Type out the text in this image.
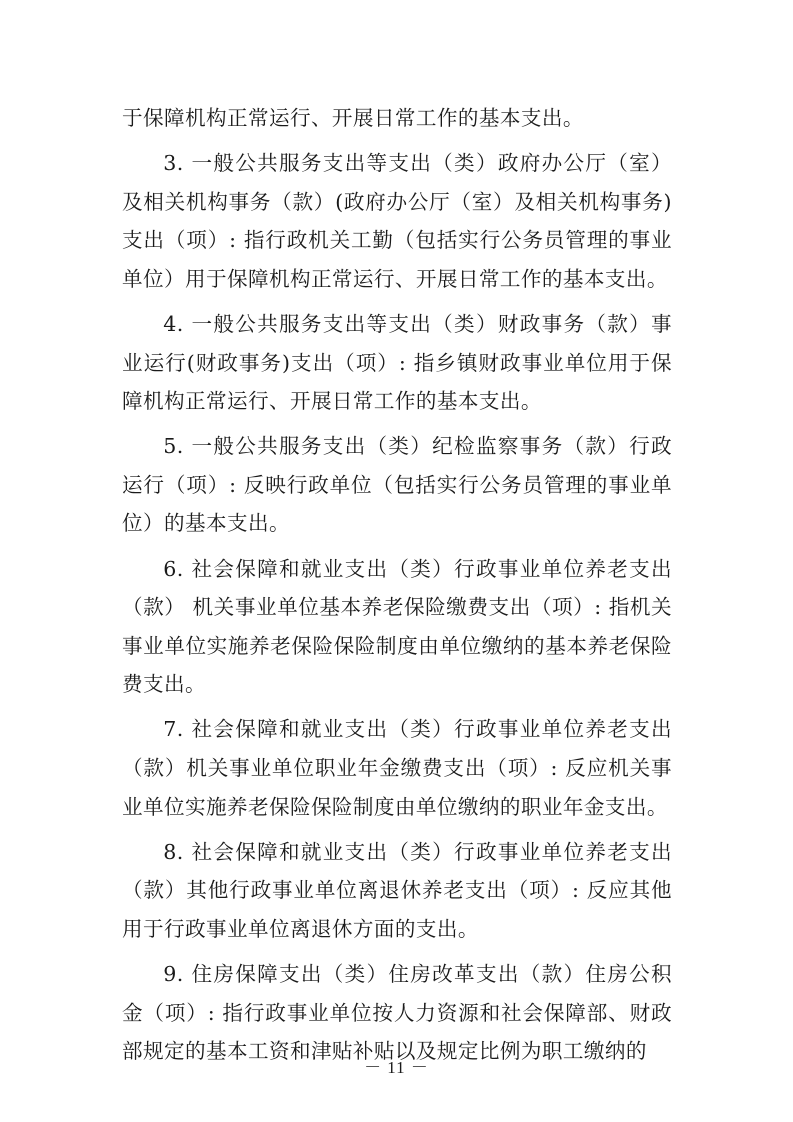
于保障机构正常运行、开展日常工作的基本支出。

3. 一般公共服务支出等支出（类）政府办公厅（室）及相关机构事务（款）(政府办公厅（室）及相关机构事务)支出（项）: 指行政机关工勤（包括实行公务员管理的事业单位）用于保障机构正常运行、开展日常工作的基本支出。

4. 一般公共服务支出等支出（类）财政事务（款）事业运行(财政事务)支出（项）: 指乡镇财政事业单位用于保障机构正常运行、开展日常工作的基本支出。

5. 一般公共服务支出（类）纪检监察事务（款）行政运行（项）: 反映行政单位（包括实行公务员管理的事业单位）的基本支出。

6. 社会保障和就业支出（类）行政事业单位养老支出（款） 机关事业单位基本养老保险缴费支出（项）: 指机关事业单位实施养老保险保险制度由单位缴纳的基本养老保险费支出。

7. 社会保障和就业支出（类）行政事业单位养老支出（款）机关事业单位职业年金缴费支出（项）: 反应机关事业单位实施养老保险保险制度由单位缴纳的职业年金支出。

8. 社会保障和就业支出（类）行政事业单位养老支出（款）其他行政事业单位离退休养老支出（项）: 反应其他用于行政事业单位离退休方面的支出。

9. 住房保障支出（类）住房改革支出（款）住房公积金（项）: 指行政事业单位按人力资源和社会保障部、财政部规定的基本工资和津贴补贴以及规定比例为职工缴纳的

－ 11 －
